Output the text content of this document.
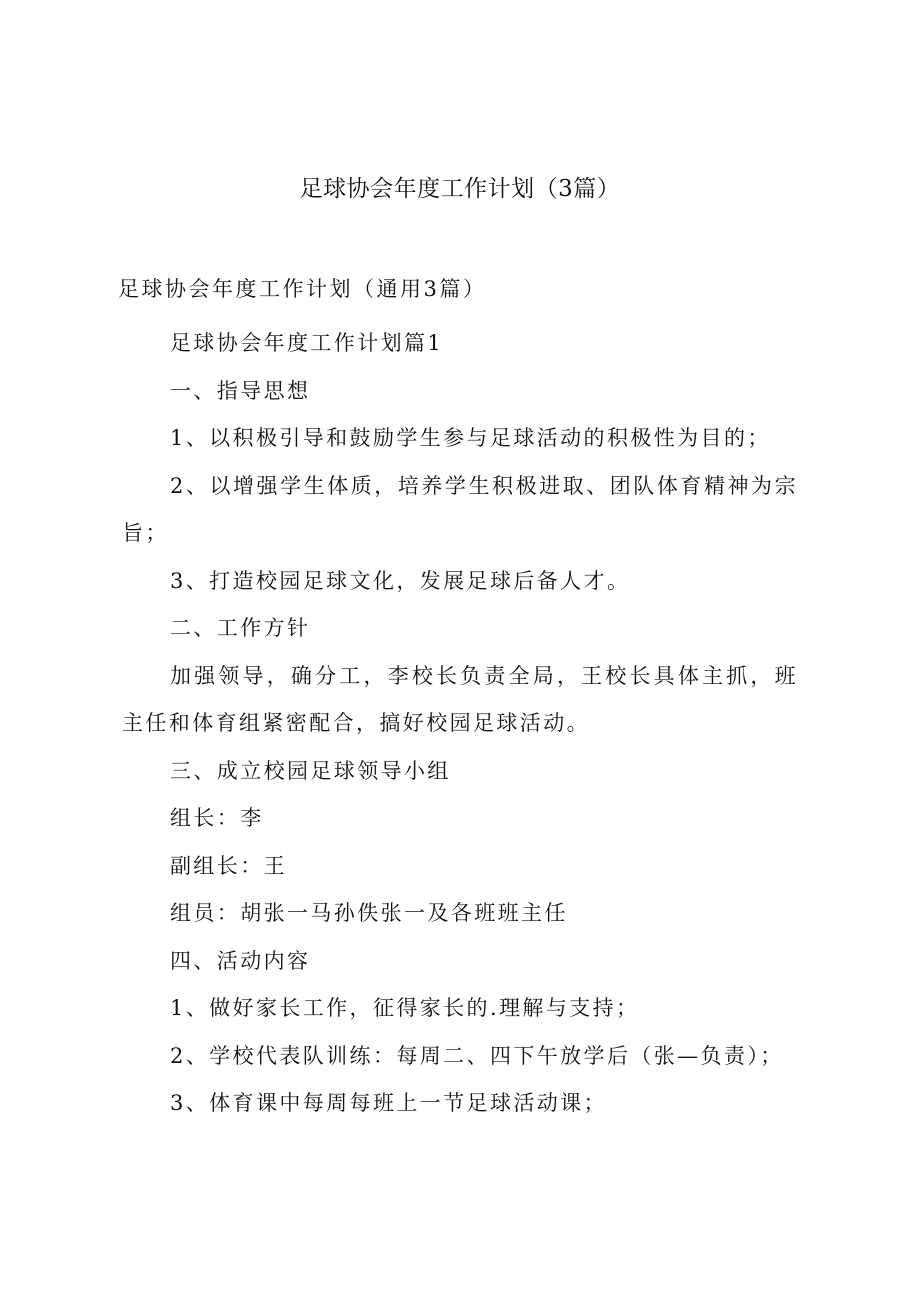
足球协会年度工作计划（3篇）
足球协会年度工作计划（通用3篇）

足球协会年度工作计划篇1

一、指导思想

1、以积极引导和鼓励学生参与足球活动的积极性为目的；

2、以增强学生体质，培养学生积极进取、团队体育精神为宗旨；

3、打造校园足球文化，发展足球后备人才。

二、工作方针

加强领导，确分工，李校长负责全局，王校长具体主抓，班主任和体育组紧密配合，搞好校园足球活动。

三、成立校园足球领导小组

组长：李

副组长：王

组员：胡张一马孙佚张一及各班班主任

四、活动内容

1、做好家长工作，征得家长的.理解与支持；

2、学校代表队训练：每周二、四下午放学后（张—负责）；

3、体育课中每周每班上一节足球活动课；
